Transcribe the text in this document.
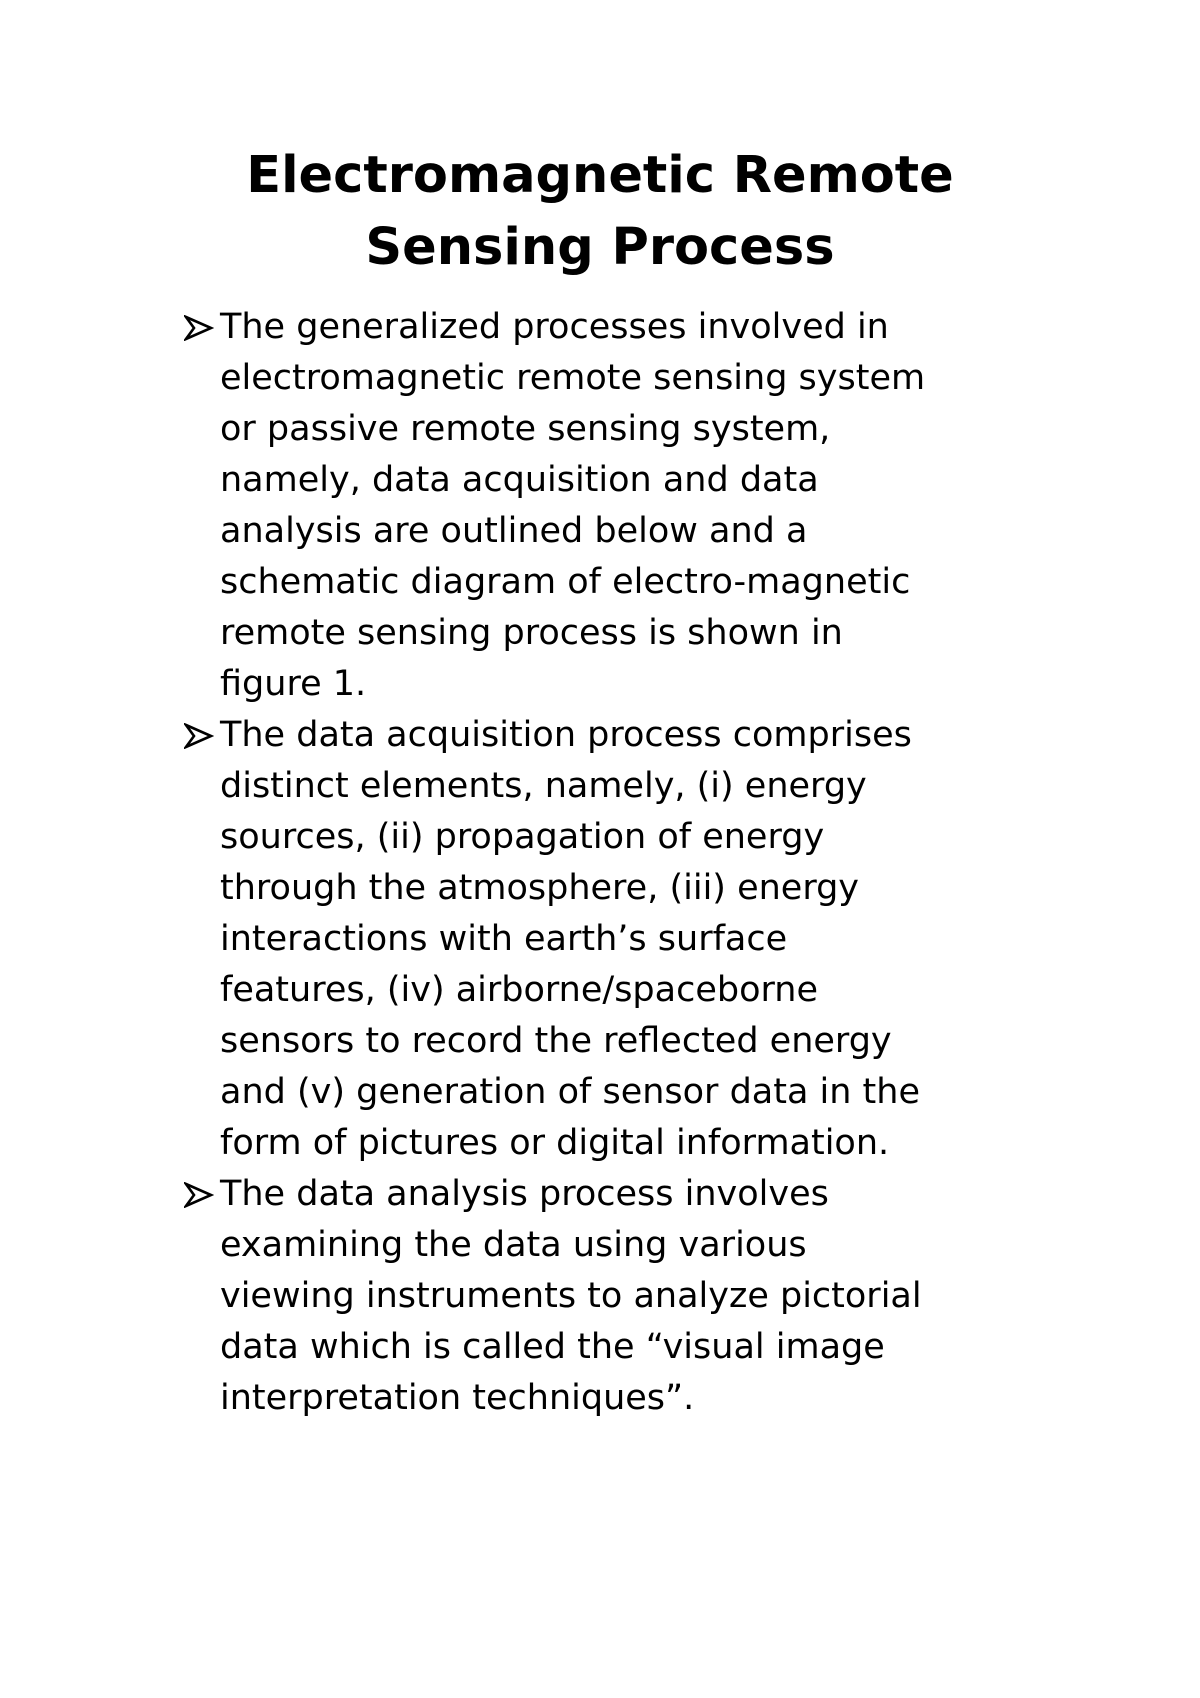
Electromagnetic Remote
Sensing Process
The generalized processes involved in
electromagnetic remote sensing system
or passive remote sensing system,
namely, data acquisition and data
analysis are outlined below and a
schematic diagram of electro-magnetic
remote sensing process is shown in
figure 1.
The data acquisition process comprises
distinct elements, namely, (i) energy
sources, (ii) propagation of energy
through the atmosphere, (iii) energy
interactions with earth’s surface
features, (iv) airborne/spaceborne
sensors to record the reflected energy
and (v) generation of sensor data in the
form of pictures or digital information.
The data analysis process involves
examining the data using various
viewing instruments to analyze pictorial
data which is called the “visual image
interpretation techniques”.
